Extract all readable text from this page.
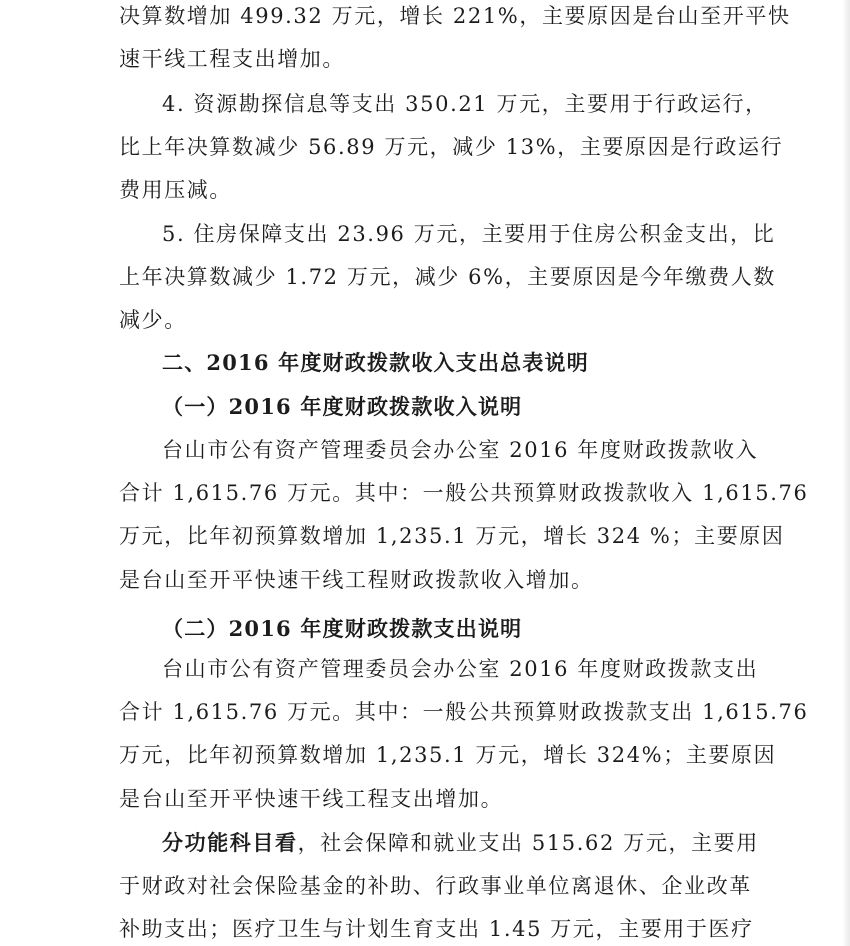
决算数增加 499.32 万元，增长 221%，主要原因是台山至开平快
速干线工程支出增加。
4. 资源勘探信息等支出 350.21 万元，主要用于行政运行，
比上年决算数减少 56.89 万元，减少 13%，主要原因是行政运行
费用压减。
5. 住房保障支出 23.96 万元，主要用于住房公积金支出，比
上年决算数减少 1.72 万元，减少 6%，主要原因是今年缴费人数
减少。
二、2016 年度财政拨款收入支出总表说明
（一）2016 年度财政拨款收入说明
台山市公有资产管理委员会办公室 2016 年度财政拨款收入
合计 1,615.76 万元。其中：一般公共预算财政拨款收入 1,615.76
万元，比年初预算数增加 1,235.1 万元，增长 324 %；主要原因
是台山至开平快速干线工程财政拨款收入增加。
（二）2016 年度财政拨款支出说明
台山市公有资产管理委员会办公室 2016 年度财政拨款支出
合计 1,615.76 万元。其中：一般公共预算财政拨款支出 1,615.76
万元，比年初预算数增加 1,235.1 万元，增长 324%；主要原因
是台山至开平快速干线工程支出增加。
分功能科目看，社会保障和就业支出 515.62 万元，主要用
于财政对社会保险基金的补助、行政事业单位离退休、企业改革
补助支出；医疗卫生与计划生育支出 1.45 万元，主要用于医疗
